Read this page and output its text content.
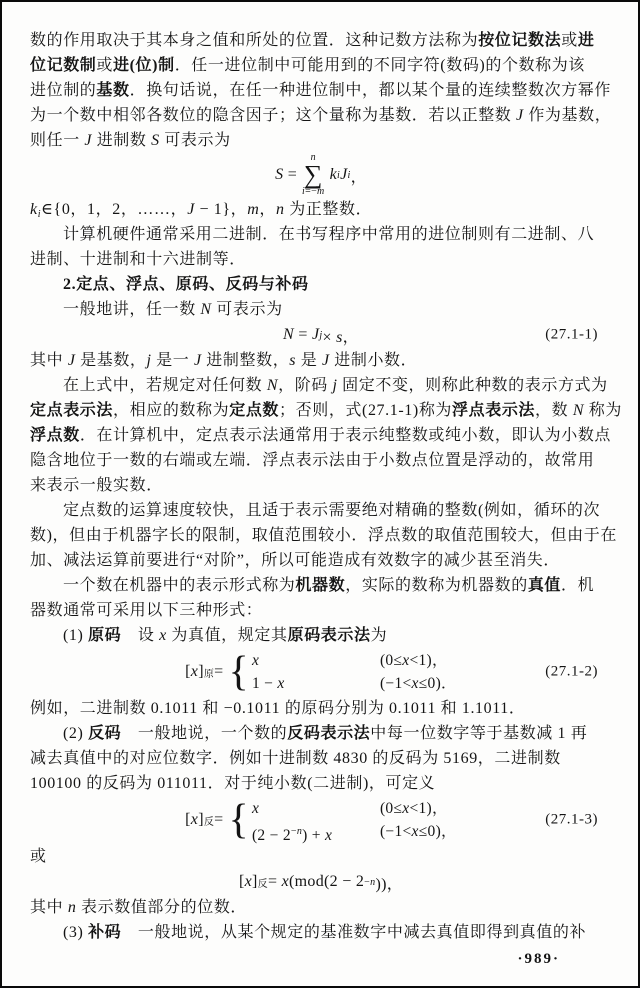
数的作用取决于其本身之值和所处的位置．这种记数方法称为按位记数法或进

位记数制或进(位)制．任一进位制中可能用到的不同字符(数码)的个数称为该

进位制的基数．换句话说，在任一种进位制中，都以某个量的连续整数次方幂作

为一个数中相邻各数位的隐含因子；这个量称为基数．若以正整数 J 作为基数，

则任一 J 进制数 S 可表示为

S =
n
∑
i=−m
k i J i ，

ki∈{0，1，2，……，J − 1}，m，n 为正整数．

计算机硬件通常采用二进制．在书写程序中常用的进位制则有二进制、八

进制、十进制和十六进制等．

2.定点、浮点、原码、反码与补码

一般地讲，任一数 N 可表示为

N = J j × s，	(27.1-1)

其中 J 是基数，j 是一 J 进制整数，s 是 J 进制小数．

在上式中，若规定对任何数 N，阶码 j 固定不变，则称此种数的表示方式为

定点表示法，相应的数称为定点数；否则，式(27.1-1)称为浮点表示法，数 N 称为

浮点数．在计算机中，定点表示法通常用于表示纯整数或纯小数，即认为小数点

隐含地位于一数的右端或左端．浮点表示法由于小数点位置是浮动的，故常用

来表示一般实数．

定点数的运算速度较快，且适于表示需要绝对精确的整数(例如，循环的次

数)，但由于机器字长的限制，取值范围较小．浮点数的取值范围较大，但由于在

加、减法运算前要进行“对阶”，所以可能造成有效数字的减少甚至消失．

一个数在机器中的表示形式称为机器数，实际的数称为机器数的真值．机

器数通常可采用以下三种形式：

(1) 原码　设 x 为真值，规定其原码表示法为

[x] 原 = { x	(0≤x<1)，
1 − x	(−1<x≤0)．
(27.1-2)

例如，二进制数 0.1011 和 −0.1011 的原码分别为 0.1011 和 1.1011．

(2) 反码　一般地说，一个数的反码表示法中每一位数字等于基数减 1 再

减去真值中的对应位数字．例如十进制数 4830 的反码为 5169，二进制数

100100 的反码为 011011．对于纯小数(二进制)，可定义

[x] 反 = { x	(0≤x<1)，
$(2 - 2^{-n}) + x$	(−1<x≤0)，
(27.1-3)

或

[x] 反 = x( mod (2 − 2 −n ))，

其中 n 表示数值部分的位数．

(3) 补码　一般地说，从某个规定的基准数字中减去真值即得到真值的补

·989·
